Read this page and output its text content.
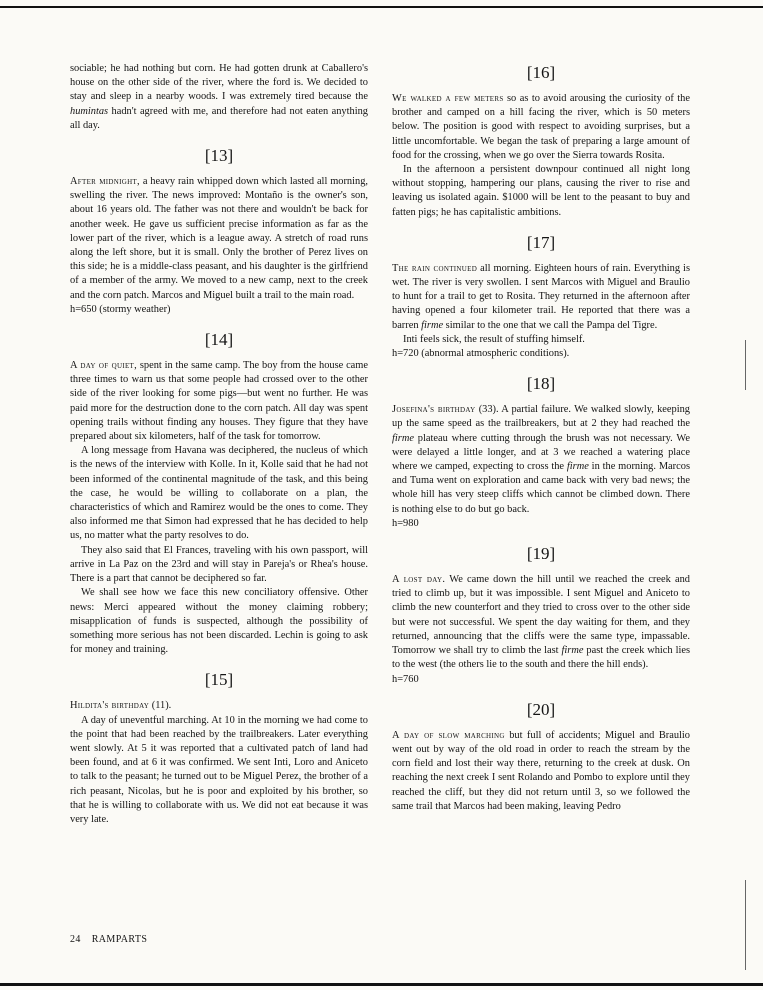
sociable; he had nothing but corn. He had gotten drunk at Caballero's house on the other side of the river, where the ford is. We decided to stay and sleep in a nearby woods. I was extremely tired because the humintas hadn't agreed with me, and therefore had not eaten anything all day.

[13]

After midnight, a heavy rain whipped down which lasted all morning, swelling the river. The news improved: Montaño is the owner's son, about 16 years old. The father was not there and wouldn't be back for another week. He gave us sufficient precise information as far as the lower part of the river, which is a league away. A stretch of road runs along the left shore, but it is small. Only the brother of Perez lives on this side; he is a middle-class peasant, and his daughter is the girlfriend of a member of the army. We moved to a new camp, next to the creek and the corn patch. Marcos and Miguel built a trail to the main road.

h=650 (stormy weather)

[14]

A day of quiet, spent in the same camp. The boy from the house came three times to warn us that some people had crossed over to the other side of the river looking for some pigs—but went no further. He was paid more for the destruction done to the corn patch. All day was spent opening trails without finding any houses. They figure that they have prepared about six kilometers, half of the task for tomorrow.

A long message from Havana was deciphered, the nucleus of which is the news of the interview with Kolle. In it, Kolle said that he had not been informed of the continental magnitude of the task, and this being the case, he would be willing to collaborate on a plan, the characteristics of which and Ramirez would be the ones to come. They also informed me that Simon had expressed that he has decided to help us, no matter what the party resolves to do.

They also said that El Frances, traveling with his own passport, will arrive in La Paz on the 23rd and will stay in Pareja's or Rhea's house. There is a part that cannot be deciphered so far.

We shall see how we face this new conciliatory offensive. Other news: Merci appeared without the money claiming robbery; misapplication of funds is suspected, although the possibility of something more serious has not been discarded. Lechin is going to ask for money and training.

[15]

Hildita's birthday (11).

A day of uneventful marching. At 10 in the morning we had come to the point that had been reached by the trailbreakers. Later everything went slowly. At 5 it was reported that a cultivated patch of land had been found, and at 6 it was confirmed. We sent Inti, Loro and Aniceto to talk to the peasant; he turned out to be Miguel Perez, the brother of a rich peasant, Nicolas, but he is poor and exploited by his brother, so that he is willing to collaborate with us. We did not eat because it was very late.

[16]

We walked a few meters so as to avoid arousing the curiosity of the brother and camped on a hill facing the river, which is 50 meters below. The position is good with respect to avoiding surprises, but a little uncomfortable. We began the task of preparing a large amount of food for the crossing, when we go over the Sierra towards Rosita.

In the afternoon a persistent downpour continued all night long without stopping, hampering our plans, causing the river to rise and leaving us isolated again. $1000 will be lent to the peasant to buy and fatten pigs; he has capitalistic ambitions.

[17]

The rain continued all morning. Eighteen hours of rain. Everything is wet. The river is very swollen. I sent Marcos with Miguel and Braulio to hunt for a trail to get to Rosita. They returned in the afternoon after having opened a four kilometer trail. He reported that there was a barren firme similar to the one that we call the Pampa del Tigre.

Inti feels sick, the result of stuffing himself.

h=720 (abnormal atmospheric conditions).

[18]

Josefina's birthday (33). A partial failure. We walked slowly, keeping up the same speed as the trailbreakers, but at 2 they had reached the firme plateau where cutting through the brush was not necessary. We were delayed a little longer, and at 3 we reached a watering place where we camped, expecting to cross the firme in the morning. Marcos and Tuma went on exploration and came back with very bad news; the whole hill has very steep cliffs which cannot be climbed down. There is nothing else to do but go back.

h=980

[19]

A lost day. We came down the hill until we reached the creek and tried to climb up, but it was impossible. I sent Miguel and Aniceto to climb the new counterfort and they tried to cross over to the other side but were not successful. We spent the day waiting for them, and they returned, announcing that the cliffs were the same type, impassable. Tomorrow we shall try to climb the last firme past the creek which lies to the west (the others lie to the south and there the hill ends).

h=760

[20]

A day of slow marching but full of accidents; Miguel and Braulio went out by way of the old road in order to reach the stream by the corn field and lost their way there, returning to the creek at dusk. On reaching the next creek I sent Rolando and Pombo to explore until they reached the cliff, but they did not return until 3, so we followed the same trail that Marcos had been making, leaving Pedro

24 RAMPARTS
